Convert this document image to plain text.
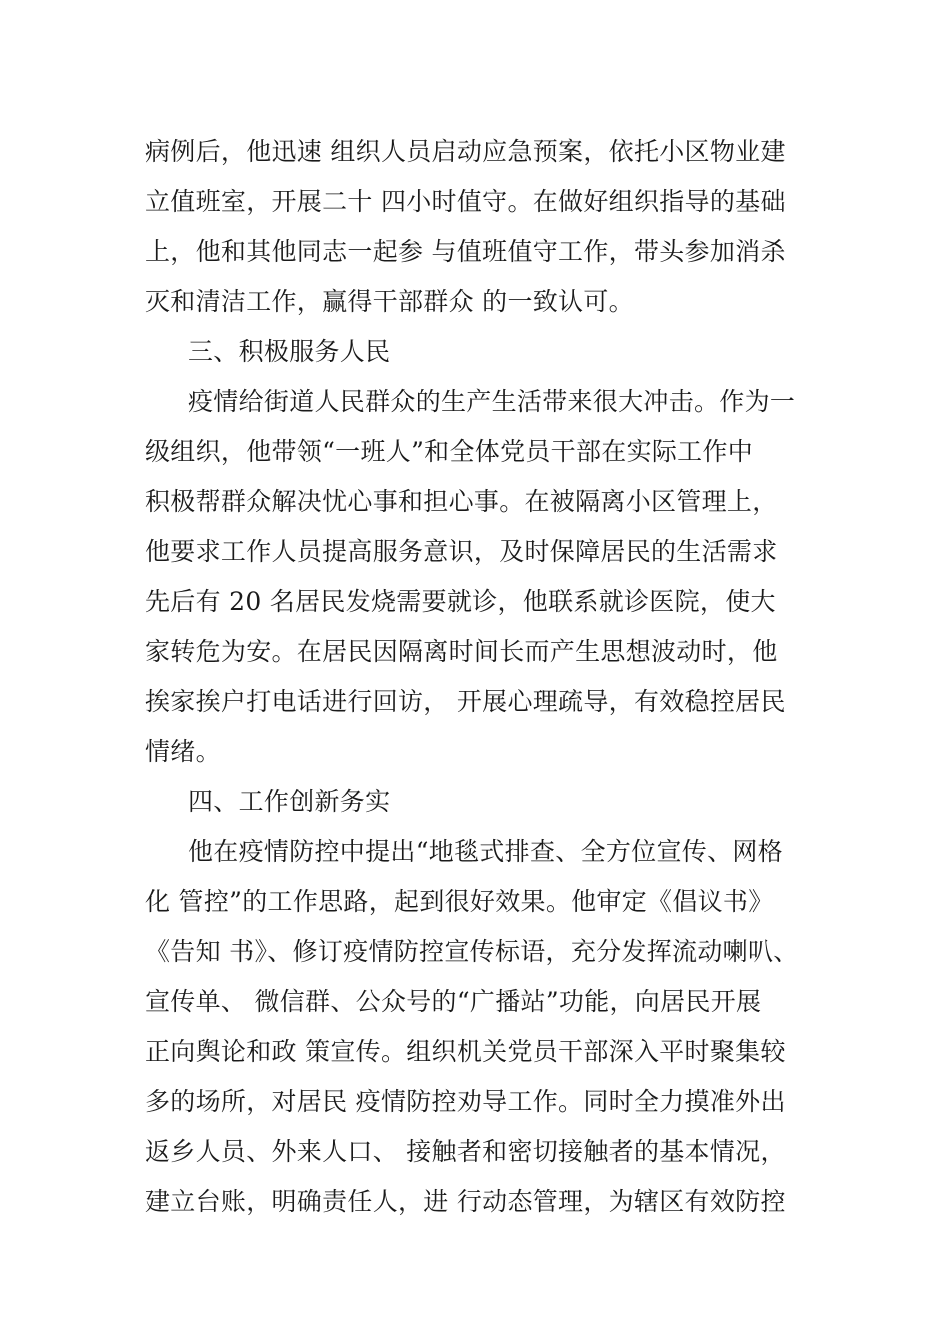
病例后，他迅速 组织人员启动应急预案，依托小区物业建
立值班室，开展二十 四小时值守。在做好组织指导的基础
上，他和其他同志一起参 与值班值守工作，带头参加消杀
灭和清洁工作，赢得干部群众 的一致认可。
三、积极服务人民
疫情给街道人民群众的生产生活带来很大冲击。作为一
级组织，他带领“一班人”和全体党员干部在实际工作中
积极帮群众解决忧心事和担心事。在被隔离小区管理上，
他要求工作人员提高服务意识，及时保障居民的生活需求
先后有 20 名居民发烧需要就诊，他联系就诊医院，使大
家转危为安。在居民因隔离时间长而产生思想波动时，他
挨家挨户打电话进行回访， 开展心理疏导，有效稳控居民
情绪。
四、工作创新务实
他在疫情防控中提出“地毯式排查、全方位宣传、网格
化 管控”的工作思路，起到很好效果。他审定《倡议书》
《告知 书》、修订疫情防控宣传标语，充分发挥流动喇叭、
宣传单、 微信群、公众号的“广播站”功能，向居民开展
正向舆论和政 策宣传。组织机关党员干部深入平时聚集较
多的场所，对居民 疫情防控劝导工作。同时全力摸准外出
返乡人员、外来人口、 接触者和密切接触者的基本情况，
建立台账，明确责任人，进 行动态管理，为辖区有效防控
